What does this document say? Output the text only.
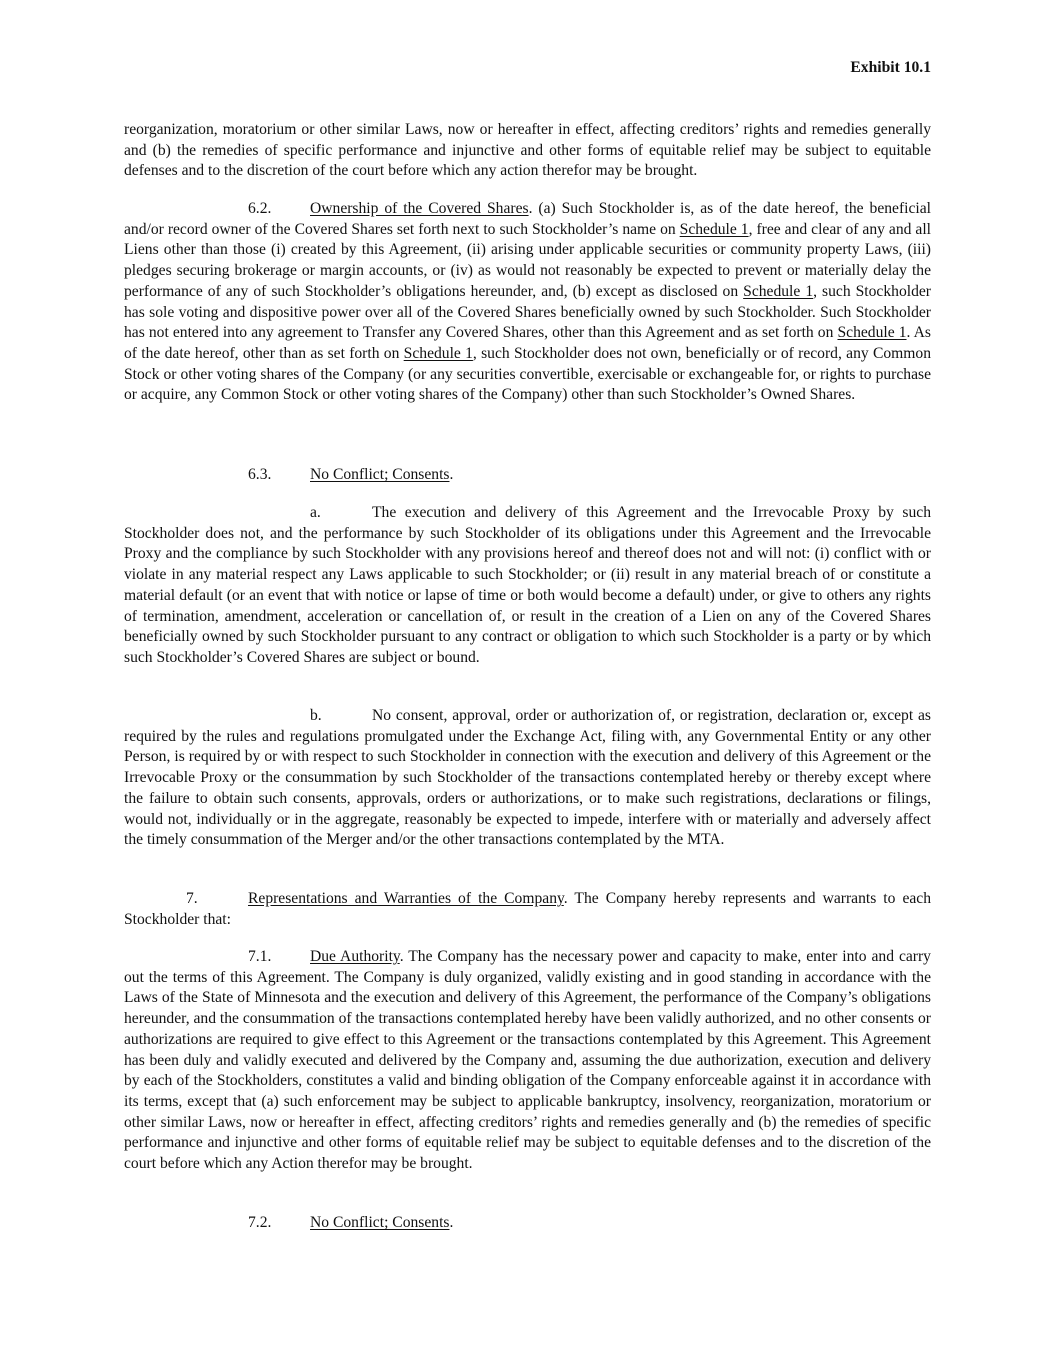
Exhibit 10.1

reorganization, moratorium or other similar Laws, now or hereafter in effect, affecting creditors’ rights and remedies generally and (b) the remedies of specific performance and injunctive and other forms of equitable relief may be subject to equitable defenses and to the discretion of the court before which any action therefor may be brought.

6.2. Ownership of the Covered Shares. (a) Such Stockholder is, as of the date hereof, the beneficial and/or record owner of the Covered Shares set forth next to such Stockholder’s name on Schedule 1, free and clear of any and all Liens other than those (i) created by this Agreement, (ii) arising under applicable securities or community property Laws, (iii) pledges securing brokerage or margin accounts, or (iv) as would not reasonably be expected to prevent or materially delay the performance of any of such Stockholder’s obligations hereunder, and, (b) except as disclosed on Schedule 1, such Stockholder has sole voting and dispositive power over all of the Covered Shares beneficially owned by such Stockholder. Such Stockholder has not entered into any agreement to Transfer any Covered Shares, other than this Agreement and as set forth on Schedule 1. As of the date hereof, other than as set forth on Schedule 1, such Stockholder does not own, beneficially or of record, any Common Stock or other voting shares of the Company (or any securities convertible, exercisable or exchangeable for, or rights to purchase or acquire, any Common Stock or other voting shares of the Company) other than such Stockholder’s Owned Shares.

6.3. No Conflict; Consents.

a.	The execution and delivery of this Agreement and the Irrevocable Proxy by such Stockholder does not, and the performance by such Stockholder of its obligations under this Agreement and the Irrevocable Proxy and the compliance by such Stockholder with any provisions hereof and thereof does not and will not: (i) conflict with or violate in any material respect any Laws applicable to such Stockholder; or (ii) result in any material breach of or constitute a material default (or an event that with notice or lapse of time or both would become a default) under, or give to others any rights of termination, amendment, acceleration or cancellation of, or result in the creation of a Lien on any of the Covered Shares beneficially owned by such Stockholder pursuant to any contract or obligation to which such Stockholder is a party or by which such Stockholder’s Covered Shares are subject or bound.

b.	No consent, approval, order or authorization of, or registration, declaration or, except as required by the rules and regulations promulgated under the Exchange Act, filing with, any Governmental Entity or any other Person, is required by or with respect to such Stockholder in connection with the execution and delivery of this Agreement or the Irrevocable Proxy or the consummation by such Stockholder of the transactions contemplated hereby or thereby except where the failure to obtain such consents, approvals, orders or authorizations, or to make such registrations, declarations or filings, would not, individually or in the aggregate, reasonably be expected to impede, interfere with or materially and adversely affect the timely consummation of the Merger and/or the other transactions contemplated by the MTA.

7.	Representations and Warranties of the Company. The Company hereby represents and warrants to each Stockholder that:

7.1. Due Authority. The Company has the necessary power and capacity to make, enter into and carry out the terms of this Agreement. The Company is duly organized, validly existing and in good standing in accordance with the Laws of the State of Minnesota and the execution and delivery of this Agreement, the performance of the Company’s obligations hereunder, and the consummation of the transactions contemplated hereby have been validly authorized, and no other consents or authorizations are required to give effect to this Agreement or the transactions contemplated by this Agreement. This Agreement has been duly and validly executed and delivered by the Company and, assuming the due authorization, execution and delivery by each of the Stockholders, constitutes a valid and binding obligation of the Company enforceable against it in accordance with its terms, except that (a) such enforcement may be subject to applicable bankruptcy, insolvency, reorganization, moratorium or other similar Laws, now or hereafter in effect, affecting creditors’ rights and remedies generally and (b) the remedies of specific performance and injunctive and other forms of equitable relief may be subject to equitable defenses and to the discretion of the court before which any Action therefor may be brought.

7.2. No Conflict; Consents.
